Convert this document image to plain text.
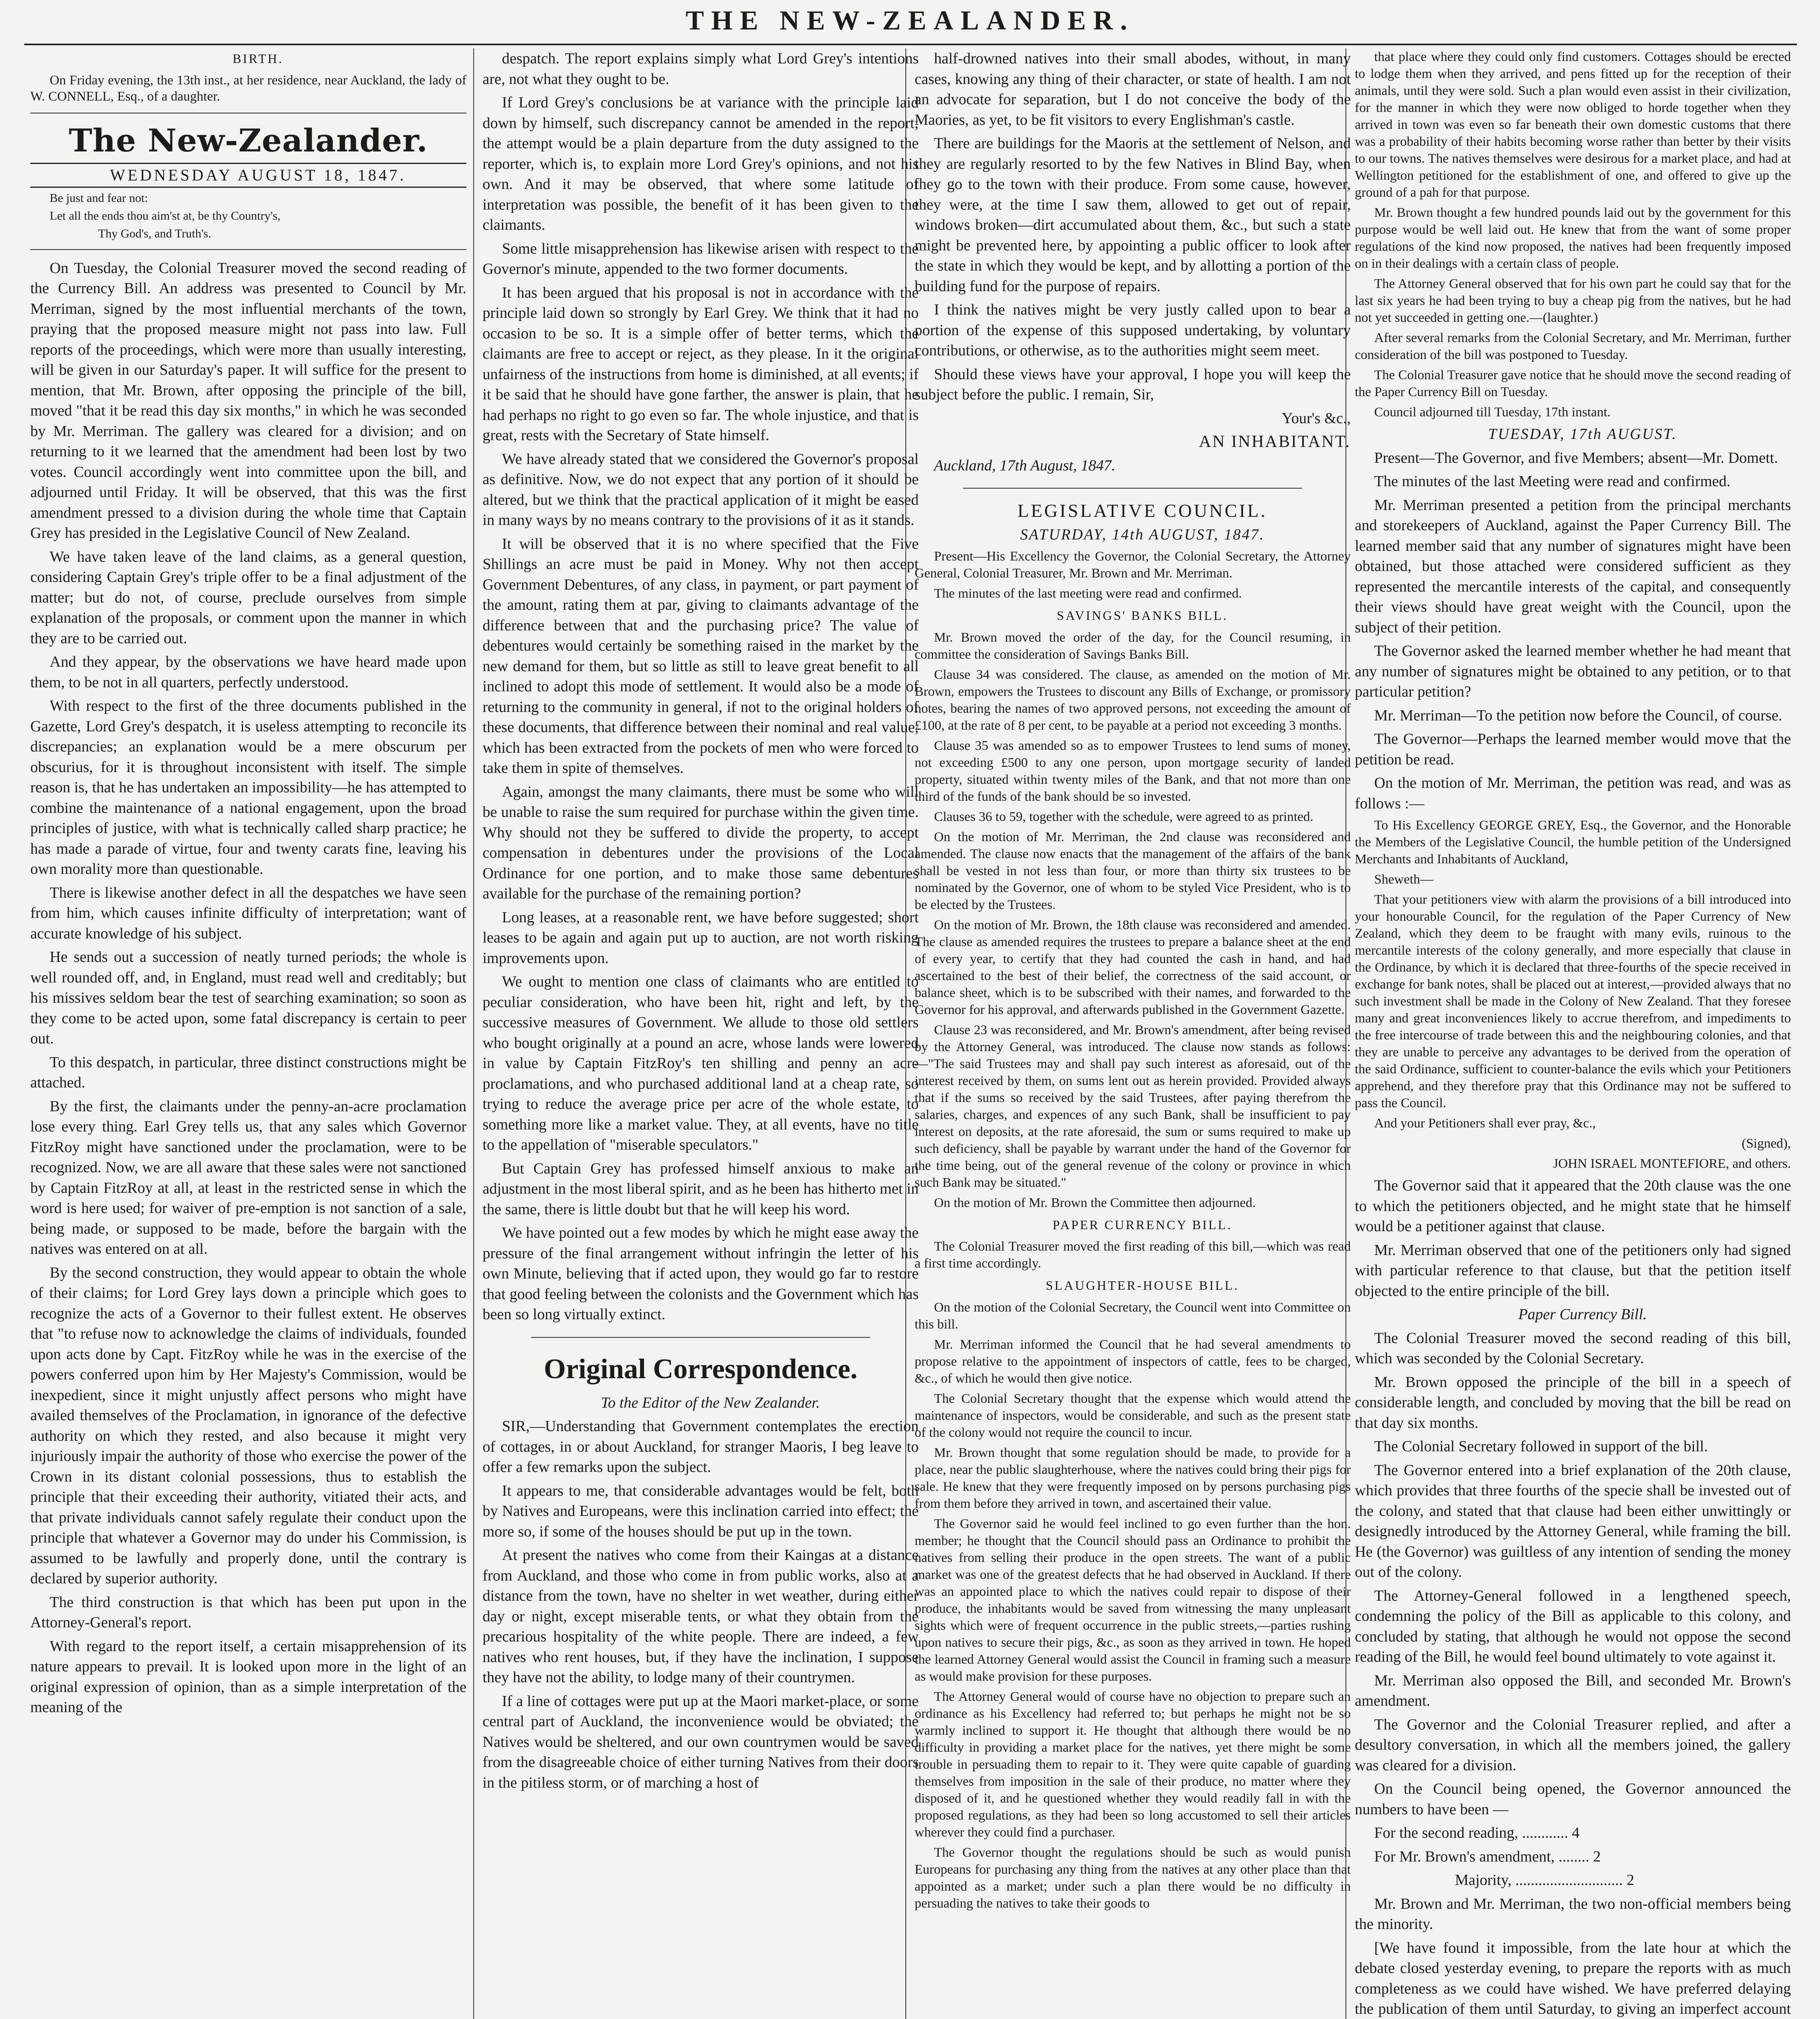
THE NEW-ZEALANDER.

BIRTH.

On Friday evening, the 13th inst., at her residence, near Auckland, the lady of W. CONNELL, Esq., of a daughter.

The New-Zealander.

WEDNESDAY AUGUST 18, 1847.

Be just and fear not:

Let all the ends thou aim'st at, be thy Country's,

Thy God's, and Truth's.

On Tuesday, the Colonial Treasurer moved the second reading of the Currency Bill. An address was presented to Council by Mr. Merriman, signed by the most influential merchants of the town, praying that the proposed measure might not pass into law. Full reports of the proceedings, which were more than usually interesting, will be given in our Saturday's paper. It will suffice for the present to mention, that Mr. Brown, after opposing the principle of the bill, moved "that it be read this day six months," in which he was seconded by Mr. Merriman. The gallery was cleared for a division; and on returning to it we learned that the amendment had been lost by two votes. Council accordingly went into committee upon the bill, and adjourned until Friday. It will be observed, that this was the first amendment pressed to a division during the whole time that Captain Grey has presided in the Legislative Council of New Zealand.

We have taken leave of the land claims, as a general question, considering Captain Grey's triple offer to be a final adjustment of the matter; but do not, of course, preclude ourselves from simple explanation of the proposals, or comment upon the manner in which they are to be carried out.

And they appear, by the observations we have heard made upon them, to be not in all quarters, perfectly understood.

With respect to the first of the three documents published in the Gazette, Lord Grey's despatch, it is useless attempting to reconcile its discrepancies; an explanation would be a mere obscurum per obscurius, for it is throughout inconsistent with itself. The simple reason is, that he has undertaken an impossibility—he has attempted to combine the maintenance of a national engagement, upon the broad principles of justice, with what is technically called sharp practice; he has made a parade of virtue, four and twenty carats fine, leaving his own morality more than questionable.

There is likewise another defect in all the despatches we have seen from him, which causes infinite difficulty of interpretation; want of accurate knowledge of his subject.

He sends out a succession of neatly turned periods; the whole is well rounded off, and, in England, must read well and creditably; but his missives seldom bear the test of searching examination; so soon as they come to be acted upon, some fatal discrepancy is certain to peer out.

To this despatch, in particular, three distinct constructions might be attached.

By the first, the claimants under the penny-an-acre proclamation lose every thing. Earl Grey tells us, that any sales which Governor FitzRoy might have sanctioned under the proclamation, were to be recognized. Now, we are all aware that these sales were not sanctioned by Captain FitzRoy at all, at least in the restricted sense in which the word is here used; for waiver of pre-emption is not sanction of a sale, being made, or supposed to be made, before the bargain with the natives was entered on at all.

By the second construction, they would appear to obtain the whole of their claims; for Lord Grey lays down a principle which goes to recognize the acts of a Governor to their fullest extent. He observes that "to refuse now to acknowledge the claims of individuals, founded upon acts done by Capt. FitzRoy while he was in the exercise of the powers conferred upon him by Her Majesty's Commission, would be inexpedient, since it might unjustly affect persons who might have availed themselves of the Proclamation, in ignorance of the defective authority on which they rested, and also because it might very injuriously impair the authority of those who exercise the power of the Crown in its distant colonial possessions, thus to establish the principle that their exceeding their authority, vitiated their acts, and that private individuals cannot safely regulate their conduct upon the principle that whatever a Governor may do under his Commission, is assumed to be lawfully and properly done, until the contrary is declared by superior authority.

The third construction is that which has been put upon in the Attorney-General's report.

With regard to the report itself, a certain misapprehension of its nature appears to prevail. It is looked upon more in the light of an original expression of opinion, than as a simple interpretation of the meaning of the

despatch. The report explains simply what Lord Grey's intentions are, not what they ought to be.

If Lord Grey's conclusions be at variance with the principle laid down by himself, such discrepancy cannot be amended in the report; the attempt would be a plain departure from the duty assigned to the reporter, which is, to explain more Lord Grey's opinions, and not his own. And it may be observed, that where some latitude of interpretation was possible, the benefit of it has been given to the claimants.

Some little misapprehension has likewise arisen with respect to the Governor's minute, appended to the two former documents.

It has been argued that his proposal is not in accordance with the principle laid down so strongly by Earl Grey. We think that it had no occasion to be so. It is a simple offer of better terms, which the claimants are free to accept or reject, as they please. In it the original unfairness of the instructions from home is diminished, at all events; if it be said that he should have gone farther, the answer is plain, that he had perhaps no right to go even so far. The whole injustice, and that is great, rests with the Secretary of State himself.

We have already stated that we considered the Governor's proposal as definitive. Now, we do not expect that any portion of it should be altered, but we think that the practical application of it might be eased in many ways by no means contrary to the provisions of it as it stands.

It will be observed that it is no where specified that the Five Shillings an acre must be paid in Money. Why not then accept Government Debentures, of any class, in payment, or part payment of the amount, rating them at par, giving to claimants advantage of the difference between that and the purchasing price? The value of debentures would certainly be something raised in the market by the new demand for them, but so little as still to leave great benefit to all inclined to adopt this mode of settlement. It would also be a mode of returning to the community in general, if not to the original holders of these documents, that difference between their nominal and real value, which has been extracted from the pockets of men who were forced to take them in spite of themselves.

Again, amongst the many claimants, there must be some who will be unable to raise the sum required for purchase within the given time. Why should not they be suffered to divide the property, to accept compensation in debentures under the provisions of the Local Ordinance for one portion, and to make those same debentures available for the purchase of the remaining portion?

Long leases, at a reasonable rent, we have before suggested; short leases to be again and again put up to auction, are not worth risking improvements upon.

We ought to mention one class of claimants who are entitled to peculiar consideration, who have been hit, right and left, by the successive measures of Government. We allude to those old settlers who bought originally at a pound an acre, whose lands were lowered in value by Captain FitzRoy's ten shilling and penny an acre proclamations, and who purchased additional land at a cheap rate, so trying to reduce the average price per acre of the whole estate, to something more like a market value. They, at all events, have no title to the appellation of "miserable speculators."

But Captain Grey has professed himself anxious to make an adjustment in the most liberal spirit, and as he been has hitherto met in the same, there is little doubt but that he will keep his word.

We have pointed out a few modes by which he might ease away the pressure of the final arrangement without infringin the letter of his own Minute, believing that if acted upon, they would go far to restore that good feeling between the colonists and the Government which has been so long virtually extinct.

Original Correspondence.

To the Editor of the New Zealander.

SIR,—Understanding that Government contemplates the erection of cottages, in or about Auckland, for stranger Maoris, I beg leave to offer a few remarks upon the subject.

It appears to me, that considerable advantages would be felt, both by Natives and Europeans, were this inclination carried into effect; the more so, if some of the houses should be put up in the town.

At present the natives who come from their Kaingas at a distance from Auckland, and those who come in from public works, also at a distance from the town, have no shelter in wet weather, during either day or night, except miserable tents, or what they obtain from the precarious hospitality of the white people. There are indeed, a few natives who rent houses, but, if they have the inclination, I suppose they have not the ability, to lodge many of their countrymen.

If a line of cottages were put up at the Maori market-place, or some central part of Auckland, the inconvenience would be obviated; the Natives would be sheltered, and our own countrymen would be saved from the disagreeable choice of either turning Natives from their doors in the pitiless storm, or of marching a host of

half-drowned natives into their small abodes, without, in many cases, knowing any thing of their character, or state of health. I am not an advocate for separation, but I do not conceive the body of the Maories, as yet, to be fit visitors to every Englishman's castle.

There are buildings for the Maoris at the settlement of Nelson, and they are regularly resorted to by the few Natives in Blind Bay, when they go to the town with their produce. From some cause, however, they were, at the time I saw them, allowed to get out of repair, windows broken—dirt accumulated about them, &c., but such a state might be prevented here, by appointing a public officer to look after the state in which they would be kept, and by allotting a portion of the building fund for the purpose of repairs.

I think the natives might be very justly called upon to bear a portion of the expense of this supposed undertaking, by voluntary contributions, or otherwise, as to the authorities might seem meet.

Should these views have your approval, I hope you will keep the subject before the public. I remain, Sir,

Your's &c.,

AN INHABITANT.

Auckland, 17th August, 1847.

LEGISLATIVE COUNCIL.

SATURDAY, 14th AUGUST, 1847.

Present—His Excellency the Governor, the Colonial Secretary, the Attorney General, Colonial Treasurer, Mr. Brown and Mr. Merriman.

The minutes of the last meeting were read and confirmed.

SAVINGS' BANKS BILL.

Mr. Brown moved the order of the day, for the Council resuming, in committee the consideration of Savings Banks Bill.

Clause 34 was considered. The clause, as amended on the motion of Mr. Brown, empowers the Trustees to discount any Bills of Exchange, or promissory notes, bearing the names of two approved persons, not exceeding the amount of £100, at the rate of 8 per cent, to be payable at a period not exceeding 3 months.

Clause 35 was amended so as to empower Trustees to lend sums of money, not exceeding £500 to any one person, upon mortgage security of landed property, situated within twenty miles of the Bank, and that not more than one third of the funds of the bank should be so invested.

Clauses 36 to 59, together with the schedule, were agreed to as printed.

On the motion of Mr. Merriman, the 2nd clause was reconsidered and amended. The clause now enacts that the management of the affairs of the bank shall be vested in not less than four, or more than thirty six trustees to be nominated by the Governor, one of whom to be styled Vice President, who is to be elected by the Trustees.

On the motion of Mr. Brown, the 18th clause was reconsidered and amended. The clause as amended requires the trustees to prepare a balance sheet at the end of every year, to certify that they had counted the cash in hand, and had ascertained to the best of their belief, the correctness of the said account, or balance sheet, which is to be subscribed with their names, and forwarded to the Governor for his approval, and afterwards published in the Government Gazette.

Clause 23 was reconsidered, and Mr. Brown's amendment, after being revised by the Attorney General, was introduced. The clause now stands as follows:—"The said Trustees may and shall pay such interest as aforesaid, out of the interest received by them, on sums lent out as herein provided. Provided always that if the sums so received by the said Trustees, after paying therefrom the salaries, charges, and expences of any such Bank, shall be insufficient to pay interest on deposits, at the rate aforesaid, the sum or sums required to make up such deficiency, shall be payable by warrant under the hand of the Governor for the time being, out of the general revenue of the colony or province in which such Bank may be situated."

On the motion of Mr. Brown the Committee then adjourned.

PAPER CURRENCY BILL.

The Colonial Treasurer moved the first reading of this bill,—which was read a first time accordingly.

SLAUGHTER-HOUSE BILL.

On the motion of the Colonial Secretary, the Council went into Committee on this bill.

Mr. Merriman informed the Council that he had several amendments to propose relative to the appointment of inspectors of cattle, fees to be charged, &c., of which he would then give notice.

The Colonial Secretary thought that the expense which would attend the maintenance of inspectors, would be considerable, and such as the present state of the colony would not require the council to incur.

Mr. Brown thought that some regulation should be made, to provide for a place, near the public slaughterhouse, where the natives could bring their pigs for sale. He knew that they were frequently imposed on by persons purchasing pigs from them before they arrived in town, and ascertained their value.

The Governor said he would feel inclined to go even further than the hon. member; he thought that the Council should pass an Ordinance to prohibit the natives from selling their produce in the open streets. The want of a public market was one of the greatest defects that he had observed in Auckland. If there was an appointed place to which the natives could repair to dispose of their produce, the inhabitants would be saved from witnessing the many unpleasant sights which were of frequent occurrence in the public streets,—parties rushing upon natives to secure their pigs, &c., as soon as they arrived in town. He hoped the learned Attorney General would assist the Council in framing such a measure as would make provision for these purposes.

The Attorney General would of course have no objection to prepare such an ordinance as his Excellency had referred to; but perhaps he might not be so warmly inclined to support it. He thought that although there would be no difficulty in providing a market place for the natives, yet there might be some trouble in persuading them to repair to it. They were quite capable of guarding themselves from imposition in the sale of their produce, no matter where they disposed of it, and he questioned whether they would readily fall in with the proposed regulations, as they had been so long accustomed to sell their articles wherever they could find a purchaser.

The Governor thought the regulations should be such as would punish Europeans for purchasing any thing from the natives at any other place than that appointed as a market; under such a plan there would be no difficulty in persuading the natives to take their goods to

that place where they could only find customers. Cottages should be erected to lodge them when they arrived, and pens fitted up for the reception of their animals, until they were sold. Such a plan would even assist in their civilization, for the manner in which they were now obliged to horde together when they arrived in town was even so far beneath their own domestic customs that there was a probability of their habits becoming worse rather than better by their visits to our towns. The natives themselves were desirous for a market place, and had at Wellington petitioned for the establishment of one, and offered to give up the ground of a pah for that purpose.

Mr. Brown thought a few hundred pounds laid out by the government for this purpose would be well laid out. He knew that from the want of some proper regulations of the kind now proposed, the natives had been frequently imposed on in their dealings with a certain class of people.

The Attorney General observed that for his own part he could say that for the last six years he had been trying to buy a cheap pig from the natives, but he had not yet succeeded in getting one.—(laughter.)

After several remarks from the Colonial Secretary, and Mr. Merriman, further consideration of the bill was postponed to Tuesday.

The Colonial Treasurer gave notice that he should move the second reading of the Paper Currency Bill on Tuesday.

Council adjourned till Tuesday, 17th instant.

TUESDAY, 17th AUGUST.

Present—The Governor, and five Members; absent—Mr. Domett.

The minutes of the last Meeting were read and confirmed.

Mr. Merriman presented a petition from the principal merchants and storekeepers of Auckland, against the Paper Currency Bill. The learned member said that any number of signatures might have been obtained, but those attached were considered sufficient as they represented the mercantile interests of the capital, and consequently their views should have great weight with the Council, upon the subject of their petition.

The Governor asked the learned member whether he had meant that any number of signatures might be obtained to any petition, or to that particular petition?

Mr. Merriman—To the petition now before the Council, of course.

The Governor—Perhaps the learned member would move that the petition be read.

On the motion of Mr. Merriman, the petition was read, and was as follows :—

To His Excellency GEORGE GREY, Esq., the Governor, and the Honorable the Members of the Legislative Council, the humble petition of the Undersigned Merchants and Inhabitants of Auckland,

Sheweth—

That your petitioners view with alarm the provisions of a bill introduced into your honourable Council, for the regulation of the Paper Currency of New Zealand, which they deem to be fraught with many evils, ruinous to the mercantile interests of the colony generally, and more especially that clause in the Ordinance, by which it is declared that three-fourths of the specie received in exchange for bank notes, shall be placed out at interest,—provided always that no such investment shall be made in the Colony of New Zealand. That they foresee many and great inconveniences likely to accrue therefrom, and impediments to the free intercourse of trade between this and the neighbouring colonies, and that they are unable to perceive any advantages to be derived from the operation of the said Ordinance, sufficient to counter-balance the evils which your Petitioners apprehend, and they therefore pray that this Ordinance may not be suffered to pass the Council.

And your Petitioners shall ever pray, &c.,

(Signed),

JOHN ISRAEL MONTEFIORE, and others.

The Governor said that it appeared that the 20th clause was the one to which the petitioners objected, and he might state that he himself would be a petitioner against that clause.

Mr. Merriman observed that one of the petitioners only had signed with particular reference to that clause, but that the petition itself objected to the entire principle of the bill.

Paper Currency Bill.

The Colonial Treasurer moved the second reading of this bill, which was seconded by the Colonial Secretary.

Mr. Brown opposed the principle of the bill in a speech of considerable length, and concluded by moving that the bill be read on that day six months.

The Colonial Secretary followed in support of the bill.

The Governor entered into a brief explanation of the 20th clause, which provides that three fourths of the specie shall be invested out of the colony, and stated that that clause had been either unwittingly or designedly introduced by the Attorney General, while framing the bill. He (the Governor) was guiltless of any intention of sending the money out of the colony.

The Attorney-General followed in a lengthened speech, condemning the policy of the Bill as applicable to this colony, and concluded by stating, that although he would not oppose the second reading of the Bill, he would feel bound ultimately to vote against it.

Mr. Merriman also opposed the Bill, and seconded Mr. Brown's amendment.

The Governor and the Colonial Treasurer replied, and after a desultory conversation, in which all the members joined, the gallery was cleared for a division.

On the Council being opened, the Governor announced the numbers to have been —

For the second reading, ............ 4

For Mr. Brown's amendment, ........ 2

Majority, ............................ 2

Mr. Brown and Mr. Merriman, the two non-official members being the minority.

[We have found it impossible, from the late hour at which the debate closed yesterday evening, to prepare the reports with as much completeness as we could have wished. We have preferred delaying the publication of them until Saturday, to giving an imperfect account
